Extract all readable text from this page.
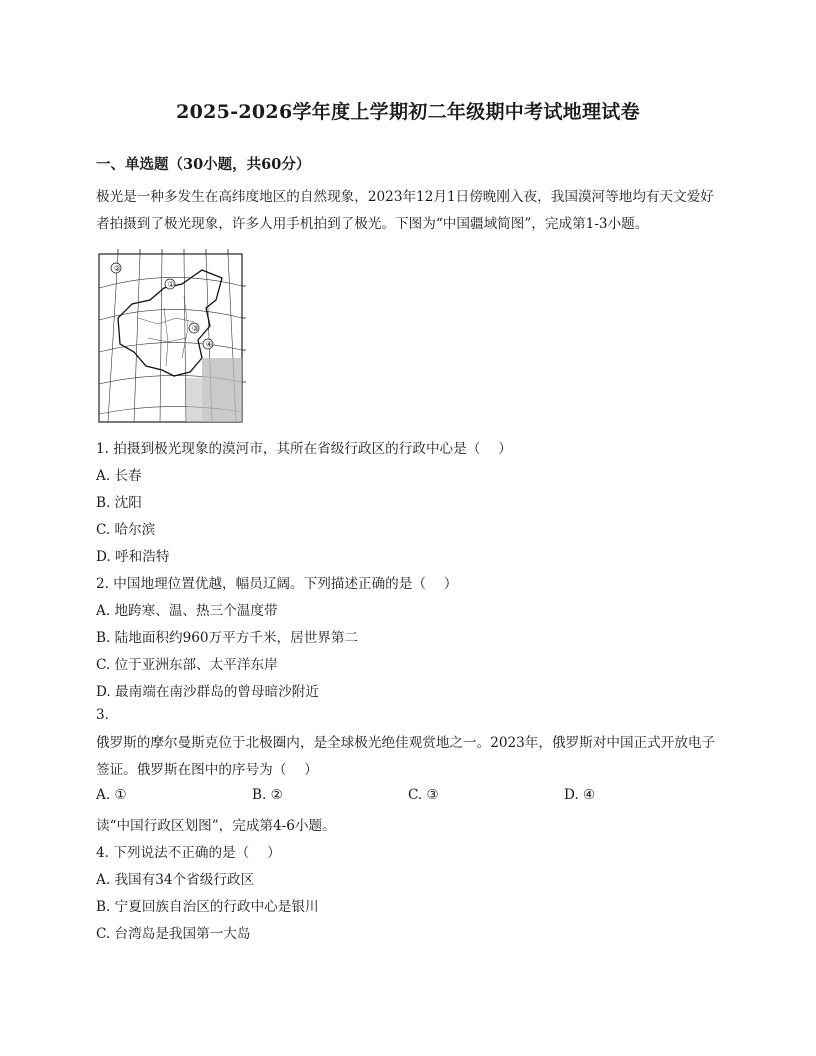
2025-2026学年度上学期初二年级期中考试地理试卷
一、单选题（30小题，共60分）
极光是一种多发生在高纬度地区的自然现象，2023年12月1日傍晚刚入夜，我国漠河等地均有天文爱好者拍摄到了极光现象，许多人用手机拍到了极光。下图为“中国疆域简图”，完成第1-3小题。
②
①
③
④
1. 拍摄到极光现象的漠河市，其所在省级行政区的行政中心是（　 ）
A. 长春
B. 沈阳
C. 哈尔滨
D. 呼和浩特
2. 中国地理位置优越，幅员辽阔。下列描述正确的是（　 ）
A. 地跨寒、温、热三个温度带
B. 陆地面积约960万平方千米，居世界第二
C. 位于亚洲东部、太平洋东岸
D. 最南端在南沙群岛的曾母暗沙附近
3.
俄罗斯的摩尔曼斯克位于北极圈内，是全球极光绝佳观赏地之一。2023年，俄罗斯对中国正式开放电子签证。俄罗斯在图中的序号为（　 ）
A. ①	B. ②	C. ③	D. ④
读“中国行政区划图”，完成第4-6小题。
4. 下列说法不正确的是（　 ）
A. 我国有34个省级行政区
B. 宁夏回族自治区的行政中心是银川
C. 台湾岛是我国第一大岛
